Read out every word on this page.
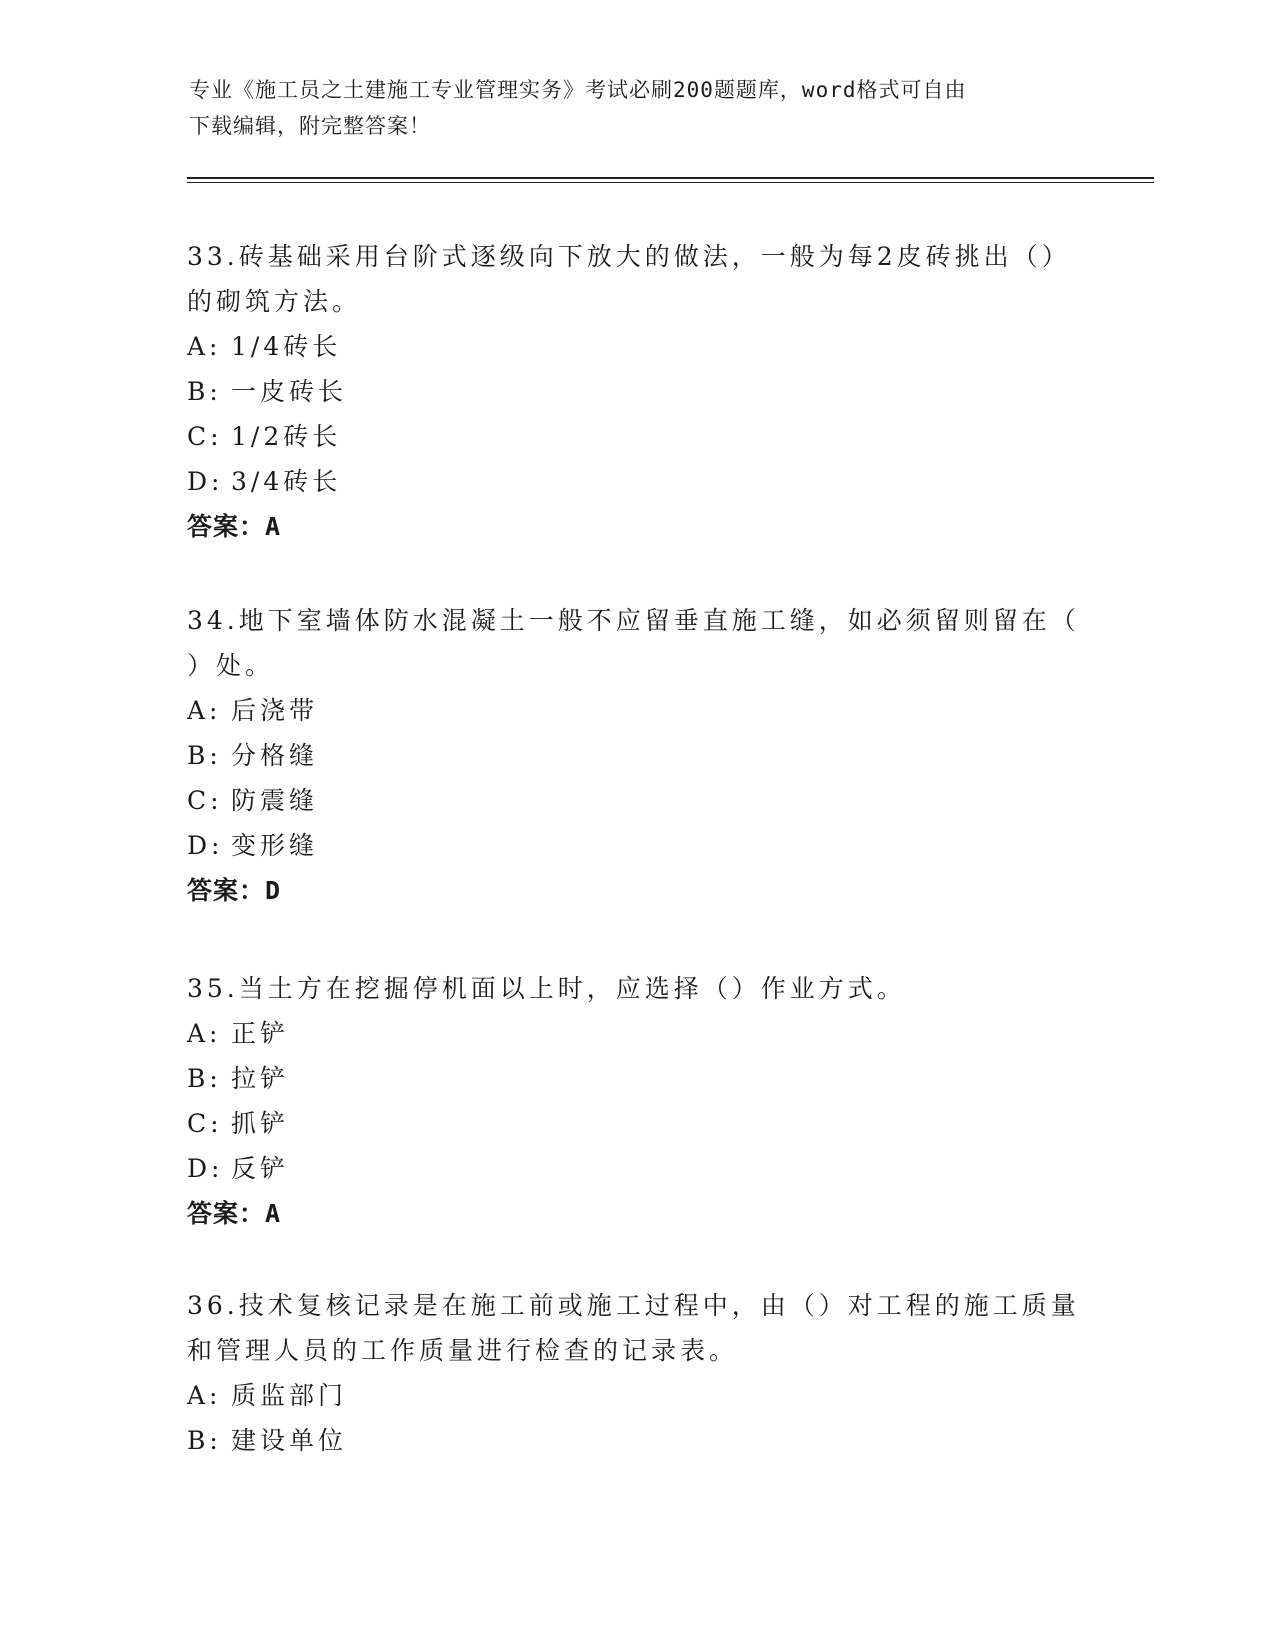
专业《施工员之土建施工专业管理实务》考试必刷200题题库，word格式可自由
下载编辑，附完整答案！

33.砖基础采用台阶式逐级向下放大的做法，一般为每2皮砖挑出（）

的砌筑方法。

A: 1/4砖长

B: 一皮砖长

C: 1/2砖长

D: 3/4砖长

答案：A

34.地下室墙体防水混凝土一般不应留垂直施工缝，如必须留则留在（

）处。

A: 后浇带

B: 分格缝

C: 防震缝

D: 变形缝

答案：D

35.当土方在挖掘停机面以上时，应选择（）作业方式。

A: 正铲

B: 拉铲

C: 抓铲

D: 反铲

答案：A

36.技术复核记录是在施工前或施工过程中，由（）对工程的施工质量

和管理人员的工作质量进行检查的记录表。

A: 质监部门

B: 建设单位
